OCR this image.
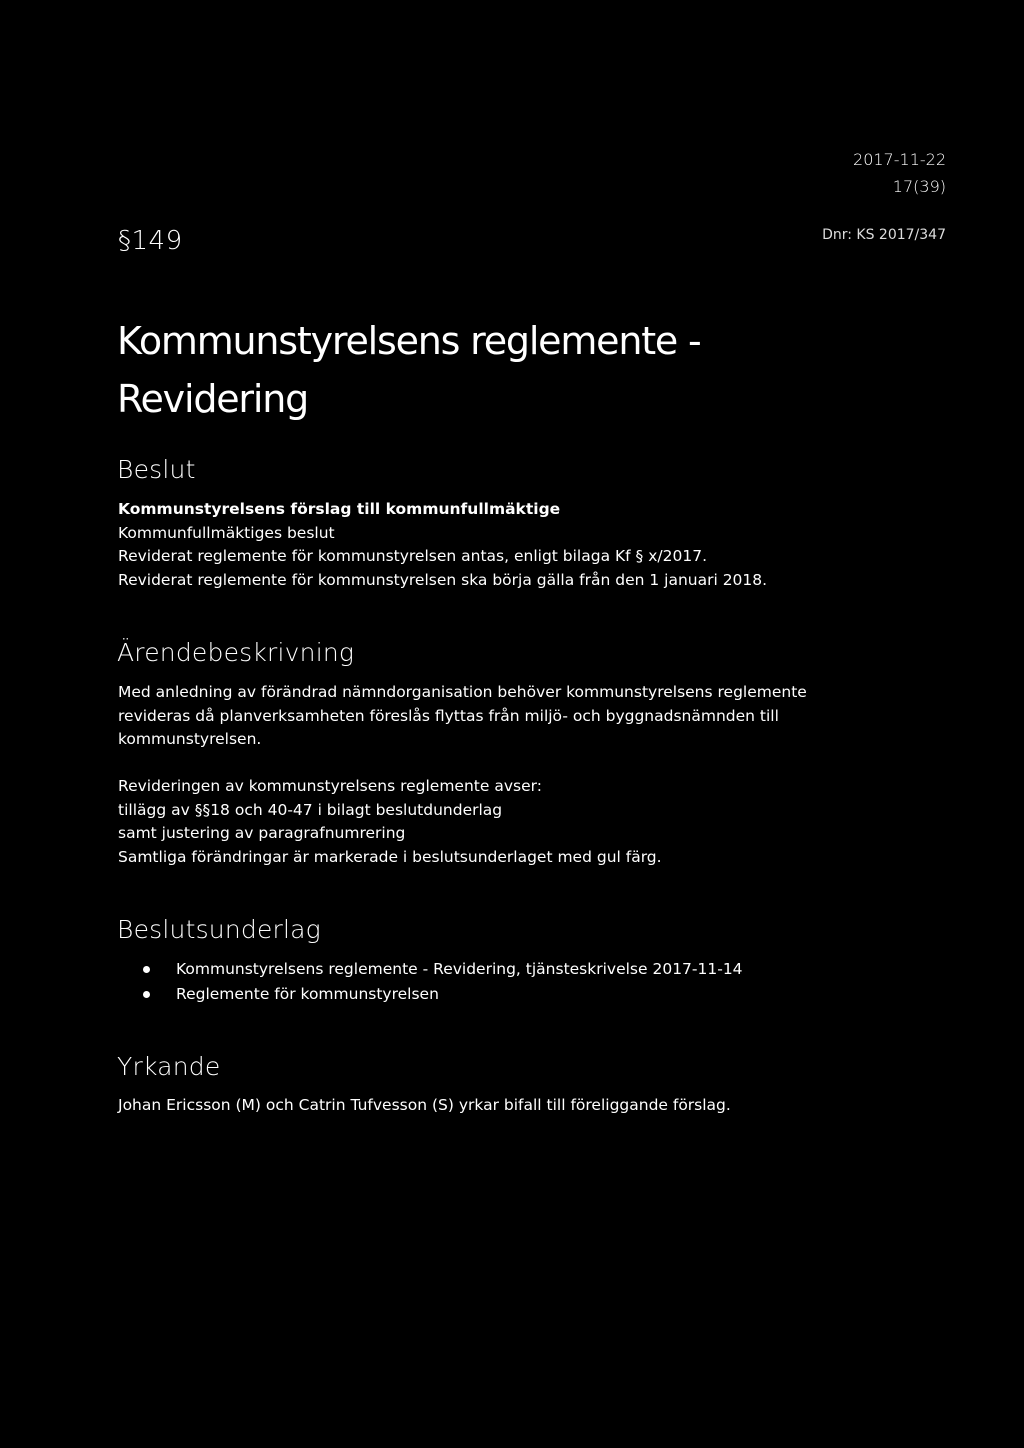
2017-11-22
17(39)
§149	Dnr: KS 2017/347
Kommunstyrelsens reglemente -
Revidering
Beslut
Kommunstyrelsens förslag till kommunfullmäktige
Kommunfullmäktiges beslut
Reviderat reglemente för kommunstyrelsen antas, enligt bilaga Kf § x/2017.
Reviderat reglemente för kommunstyrelsen ska börja gälla från den 1 januari 2018.
Ärendebeskrivning
Med anledning av förändrad nämndorganisation behöver kommunstyrelsens reglemente
revideras då planverksamheten föreslås flyttas från miljö- och byggnadsnämnden till
kommunstyrelsen.
Revideringen av kommunstyrelsens reglemente avser:
tillägg av §§18 och 40-47 i bilagt beslutdunderlag
samt justering av paragrafnumrering
Samtliga förändringar är markerade i beslutsunderlaget med gul färg.
Beslutsunderlag
Kommunstyrelsens reglemente - Revidering, tjänsteskrivelse 2017-11-14
Reglemente för kommunstyrelsen
Yrkande
Johan Ericsson (M) och Catrin Tufvesson (S) yrkar bifall till föreliggande förslag.
